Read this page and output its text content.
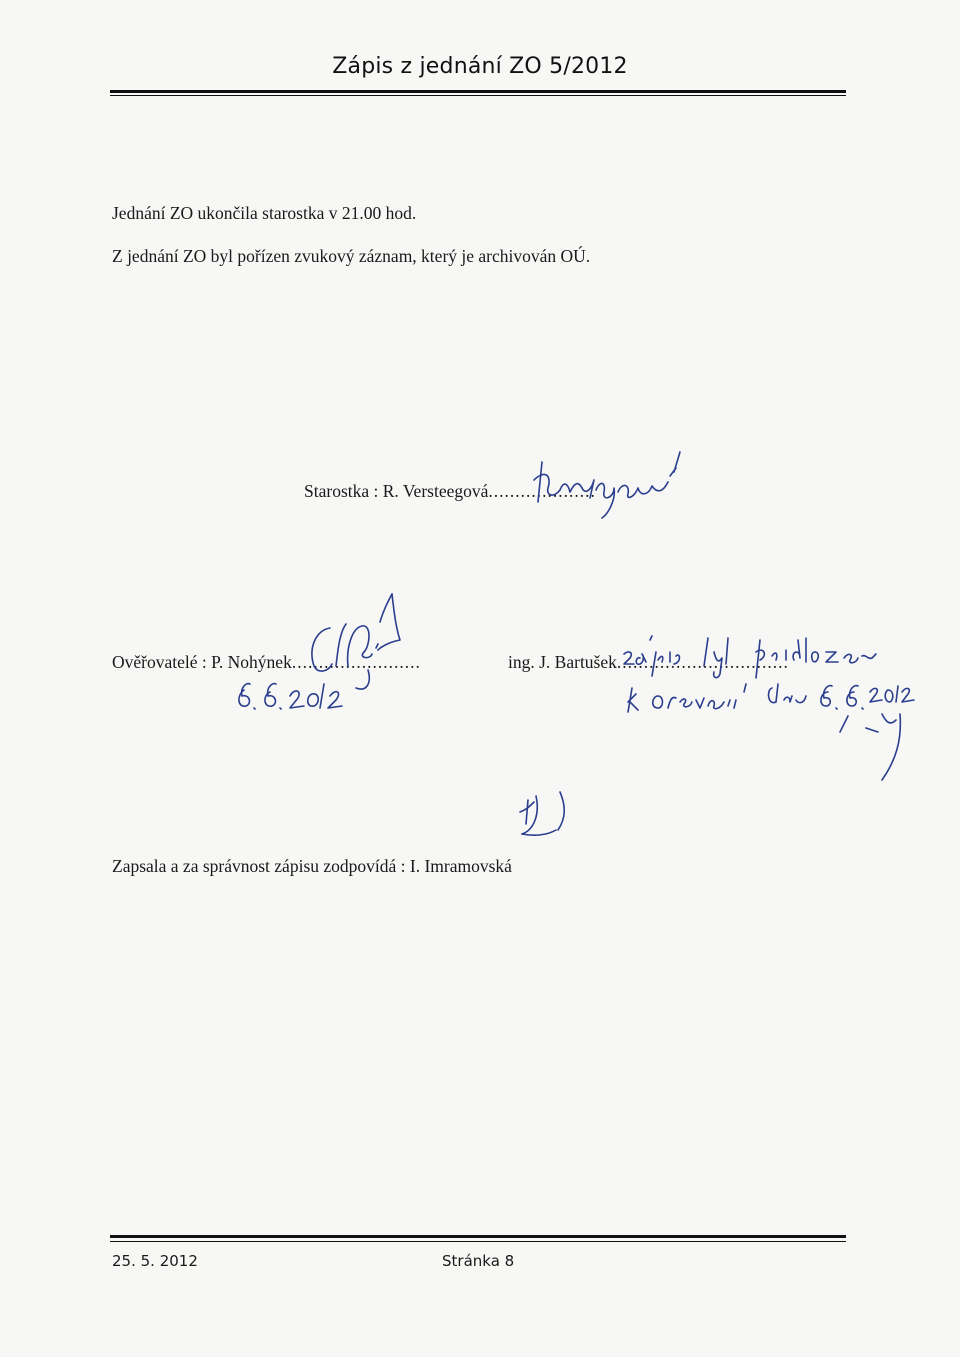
Zápis z jednání ZO 5/2012
Jednání ZO ukončila starostka v 21.00 hod.
Z jednání ZO byl pořízen zvukový záznam, který je archivován OÚ.
Starostka : R. Versteegová....................
Ověřovatelé : P. Nohýnek........................	ing. J. Bartušek................................
Zapsala a za správnost zápisu zodpovídá : I. Imramovská
25. 5. 2012	Stránka 8
